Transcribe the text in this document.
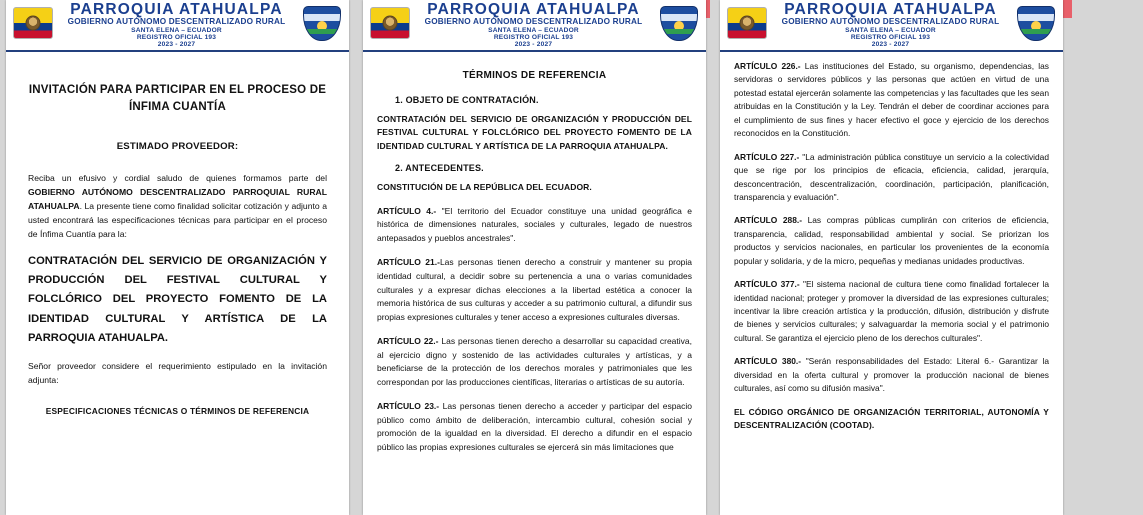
PARROQUIA ATAHUALPA
GOBIERNO AUTÓNOMO DESCENTRALIZADO RURAL
SANTA ELENA – ECUADOR
REGISTRO OFICIAL 193
2023 - 2027
INVITACIÓN PARA PARTICIPAR EN EL PROCESO DE ÍNFIMA CUANTÍA
ESTIMADO PROVEEDOR:

Reciba un efusivo y cordial saludo de quienes formamos parte del GOBIERNO AUTÓNOMO DESCENTRALIZADO PARROQUIAL RURAL ATAHUALPA. La presente tiene como finalidad solicitar cotización y adjunto a usted encontrará las especificaciones técnicas para participar en el proceso de Ínfima Cuantía para la:

CONTRATACIÓN DEL SERVICIO DE ORGANIZACIÓN Y PRODUCCIÓN DEL FESTIVAL CULTURAL Y FOLCLÓRICO DEL PROYECTO FOMENTO DE LA IDENTIDAD CULTURAL Y ARTÍSTICA DE LA PARROQUIA ATAHUALPA.

Señor proveedor considere el requerimiento estipulado en la invitación adjunta:

ESPECIFICACIONES TÉCNICAS O TÉRMINOS DE REFERENCIA
PARROQUIA ATAHUALPA
GOBIERNO AUTÓNOMO DESCENTRALIZADO RURAL
SANTA ELENA – ECUADOR
REGISTRO OFICIAL 193
2023 - 2027
TÉRMINOS DE REFERENCIA
1. OBJETO DE CONTRATACIÓN.

CONTRATACIÓN DEL SERVICIO DE ORGANIZACIÓN Y PRODUCCIÓN DEL FESTIVAL CULTURAL Y FOLCLÓRICO DEL PROYECTO FOMENTO DE LA IDENTIDAD CULTURAL Y ARTÍSTICA DE LA PARROQUIA ATAHUALPA.

2. ANTECEDENTES.

CONSTITUCIÓN DE LA REPÚBLICA DEL ECUADOR.

ARTÍCULO 4.- "El territorio del Ecuador constituye una unidad geográfica e histórica de dimensiones naturales, sociales y culturales, legado de nuestros antepasados y pueblos ancestrales".

ARTÍCULO 21.-Las personas tienen derecho a construir y mantener su propia identidad cultural, a decidir sobre su pertenencia a una o varias comunidades culturales y a expresar dichas elecciones a la libertad estética a conocer la memoria histórica de sus culturas y acceder a su patrimonio cultural, a difundir sus propias expresiones culturales y tener acceso a expresiones culturales diversas.

ARTÍCULO 22.- Las personas tienen derecho a desarrollar su capacidad creativa, al ejercicio digno y sostenido de las actividades culturales y artísticas, y a beneficiarse de la protección de los derechos morales y patrimoniales que les correspondan por las producciones científicas, literarias o artísticas de su autoría.

ARTÍCULO 23.- Las personas tienen derecho a acceder y participar del espacio público como ámbito de deliberación, intercambio cultural, cohesión social y promoción de la igualdad en la diversidad. El derecho a difundir en el espacio público las propias expresiones culturales se ejercerá sin más limitaciones que

PARROQUIA ATAHUALPA
GOBIERNO AUTÓNOMO DESCENTRALIZADO RURAL
SANTA ELENA – ECUADOR
REGISTRO OFICIAL 193
2023 - 2027

ARTÍCULO 226.- Las instituciones del Estado, su organismo, dependencias, las servidoras o servidores públicos y las personas que actúen en virtud de una potestad estatal ejercerán solamente las competencias y las facultades que les sean atribuidas en la Constitución y la Ley. Tendrán el deber de coordinar acciones para el cumplimiento de sus fines y hacer efectivo el goce y ejercicio de los derechos reconocidos en la Constitución.

ARTÍCULO 227.- "La administración pública constituye un servicio a la colectividad que se rige por los principios de eficacia, eficiencia, calidad, jerarquía, desconcentración, descentralización, coordinación, participación, planificación, transparencia y evaluación".

ARTÍCULO 288.- Las compras públicas cumplirán con criterios de eficiencia, transparencia, calidad, responsabilidad ambiental y social. Se priorizan los productos y servicios nacionales, en particular los provenientes de la economía popular y solidaria, y de la micro, pequeñas y medianas unidades productivas.

ARTÍCULO 377.- "El sistema nacional de cultura tiene como finalidad fortalecer la identidad nacional; proteger y promover la diversidad de las expresiones culturales; incentivar la libre creación artística y la producción, difusión, distribución y disfrute de bienes y servicios culturales; y salvaguardar la memoria social y el patrimonio cultural. Se garantiza el ejercicio pleno de los derechos culturales".

ARTÍCULO 380.- "Serán responsabilidades del Estado: Literal 6.- Garantizar la diversidad en la oferta cultural y promover la producción nacional de bienes culturales, así como su difusión masiva".

EL CÓDIGO ORGÁNICO DE ORGANIZACIÓN TERRITORIAL, AUTONOMÍA Y DESCENTRALIZACIÓN (COOTAD).
